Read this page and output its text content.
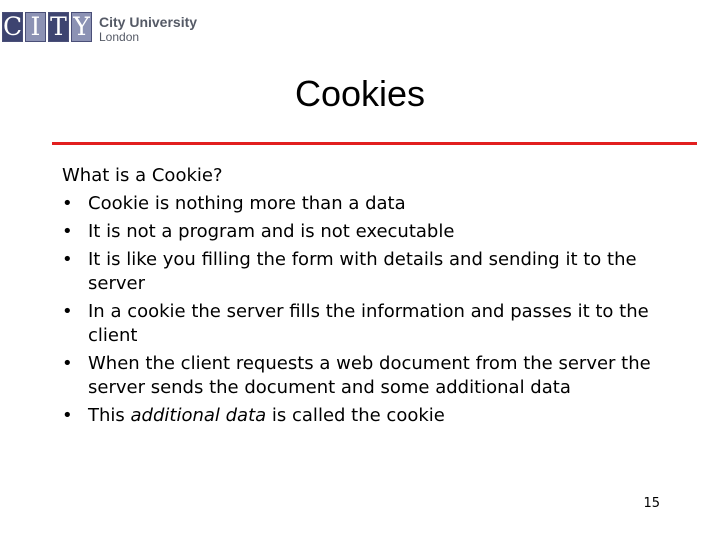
C I T Y City University
London
Cookies

What is a Cookie?

• Cookie is nothing more than a data
• It is not a program and is not executable
• It is like you filling the form with details and sending it to the server
• In a cookie the server fills the information and passes it to the client
• When the client requests a web document from the server the server sends the document and some additional data
• This additional data is called the cookie
15
